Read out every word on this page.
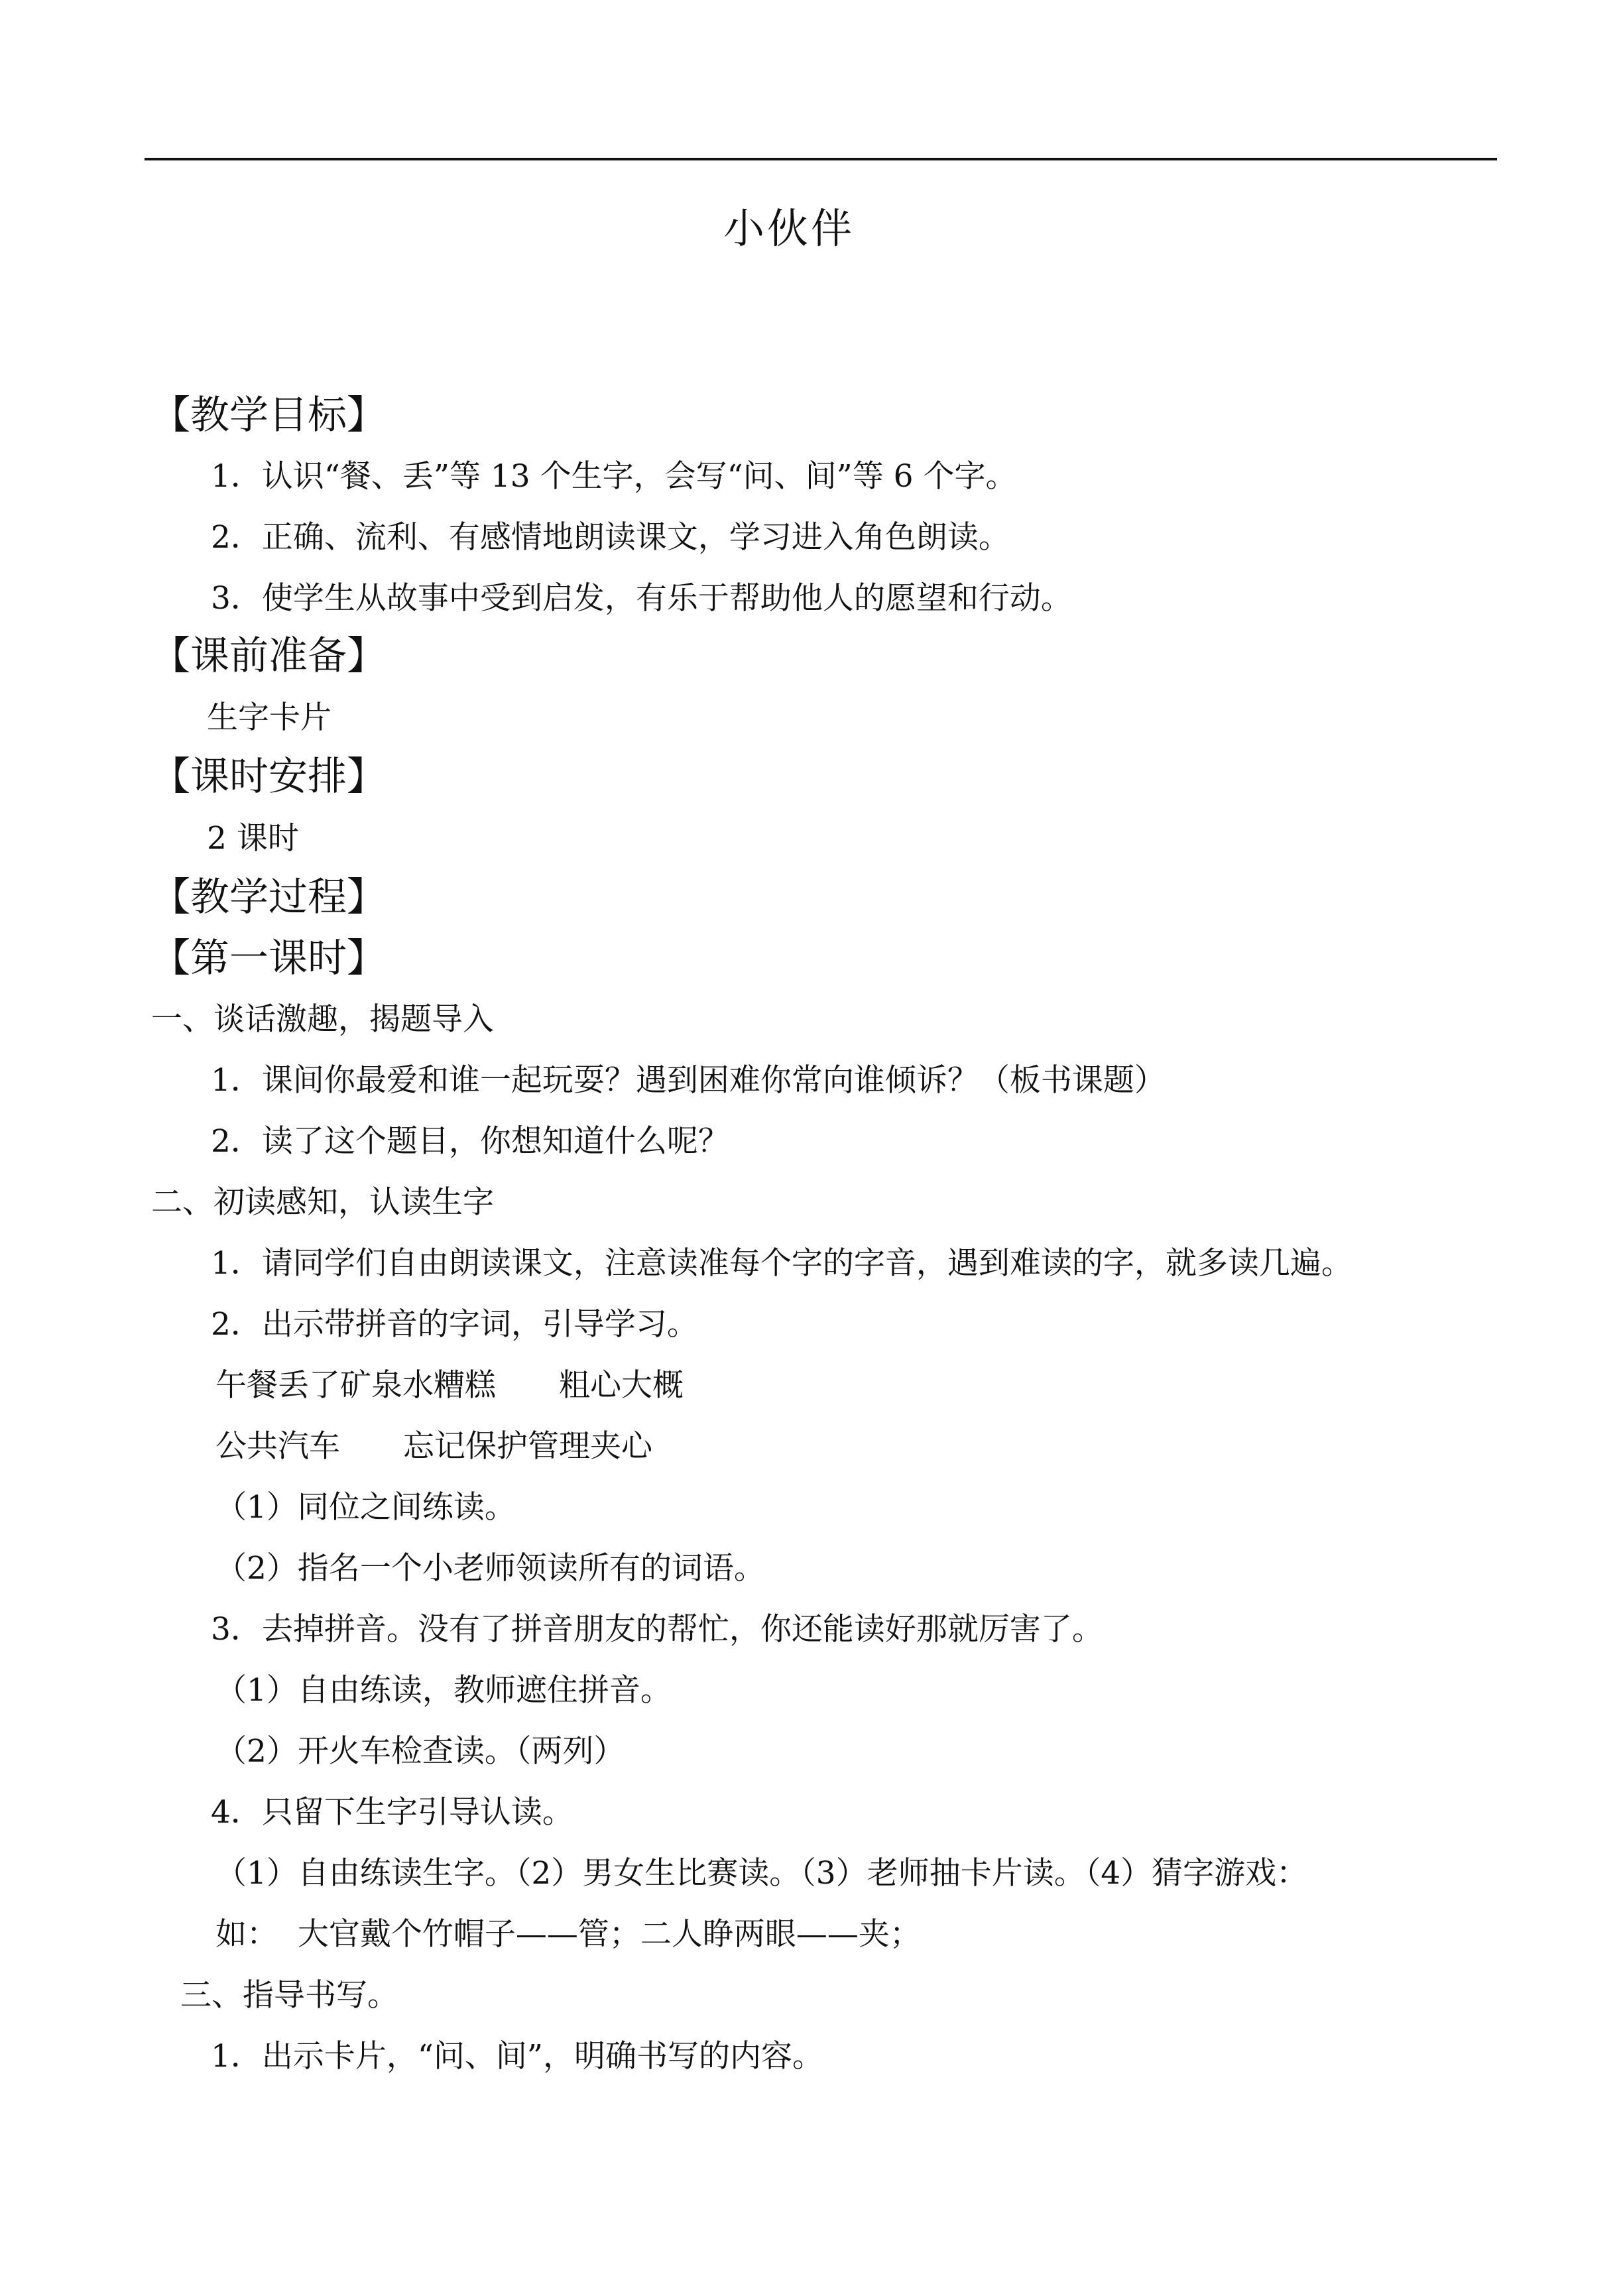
小伙伴
【教学目标】
1．认识“餐、丢”等 13 个生字，会写“问、间”等 6 个字。
2．正确、流利、有感情地朗读课文，学习进入角色朗读。
3．使学生从故事中受到启发，有乐于帮助他人的愿望和行动。
【课前准备】
生字卡片
【课时安排】
2 课时
【教学过程】
【第一课时】
一、谈话激趣，揭题导入
1．课间你最爱和谁一起玩耍？遇到困难你常向谁倾诉？（板书课题）
2．读了这个题目，你想知道什么呢？
二、初读感知，认读生字
1．请同学们自由朗读课文，注意读准每个字的字音，遇到难读的字，就多读几遍。
2．出示带拼音的字词，引导学习。
午餐丢了矿泉水糟糕 粗心大概
公共汽车 忘记保护管理夹心
（1）同位之间练读。
（2）指名一个小老师领读所有的词语。
3．去掉拼音。没有了拼音朋友的帮忙，你还能读好那就厉害了。
（1）自由练读，教师遮住拼音。
（2）开火车检查读。（两列）
4．只留下生字引导认读。
（1）自由练读生字。（2）男女生比赛读。（3）老师抽卡片读。（4）猜字游戏：
如：  大官戴个竹帽子——管；二人睁两眼——夹；
三、指导书写。
1．出示卡片，“问、间”，明确书写的内容。
